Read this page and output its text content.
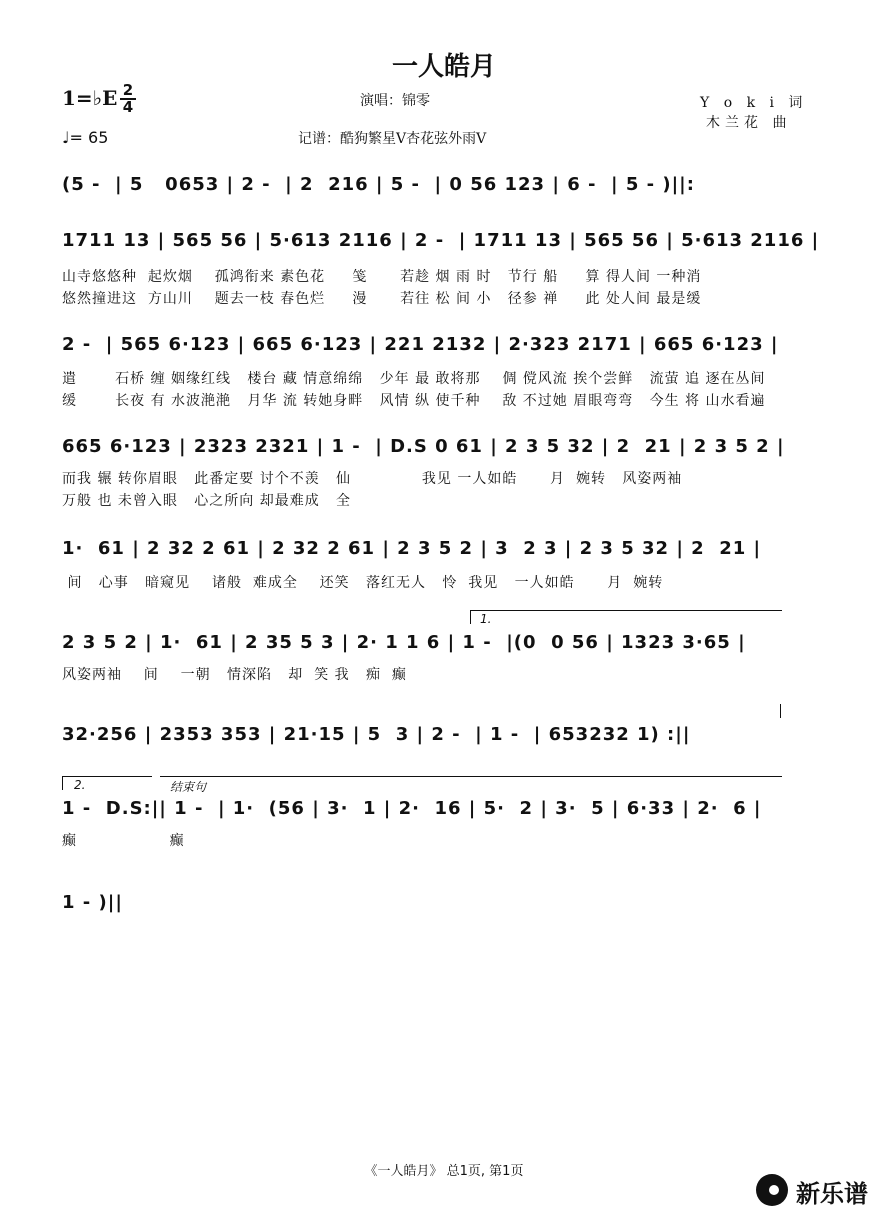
一人皓月
1=♭E 2
4
♩= 65
演唱：锦零	Y o k i 词
木兰花 曲
记谱：酷狗繁星V杏花弦外雨V
(5 -  | 5   0653 | 2 -  | 2  216 | 5 -  | 0 56 123 | 6 -  | 5 - )||:
1711 13 | 565 56 | 5·613 2116 | 2 -  | 1711 13 | 565 56 | 5·613 2116 |
山寺悠悠种  起炊烟    孤鸿衔来 素色花     笺      若趁 烟 雨 时   节行 船     算 得人间 一种消
悠然撞进这  方山川    题去一枝 春色烂     漫      若往 松 间 小   径参 禅     此 处人间 最是缓
2 -  | 565 6·123 | 665 6·123 | 221 2132 | 2·323 2171 | 665 6·123 |
遣       石桥 缠 姻缘红线   楼台 藏 情意绵绵   少年 最 敢将那    倜 傥风流 挨个尝鲜   流萤 追 逐在丛间
缓       长夜 有 水波滟滟   月华 流 转她身畔   风情 纵 使千种    敌 不过她 眉眼弯弯   今生 将 山水看遍
665 6·123 | 2323 2321 | 1 -  | D.S 0 61 | 2 3 5 32 | 2  21 | 2 3 5 2 |
而我 辗 转你眉眼   此番定要 讨个不羡   仙             我见 一人如皓      月  婉转   风姿两袖
万般 也 未曾入眼   心之所向 却最难成   全
1·  61 | 2 32 2 61 | 2 32 2 61 | 2 3 5 2 | 3  2 3 | 2 3 5 32 | 2  21 |
间   心事   暗窥见    诸般  难成全    还笑   落红无人   怜  我见   一人如皓      月  婉转
1.
2 3 5 2 | 1·  61 | 2 35 5 3 | 2· 1 1 6 | 1 -  |(0  0 56 | 1323 3·65 |
风姿两袖    间    一朝   情深陷   却  笑 我   痴  癫
32·256 | 2353 353 | 21·15 | 5  3 | 2 -  | 1 -  | 653232 1) :||
2.	结束句
1 -  D.S:|| 1 -  | 1·  (56 | 3·  1 | 2·  16 | 5·  2 | 3·  5 | 6·33 | 2·  6 |
癫                 癫
1 - )||
《一人皓月》 总1页, 第1页
新乐谱
